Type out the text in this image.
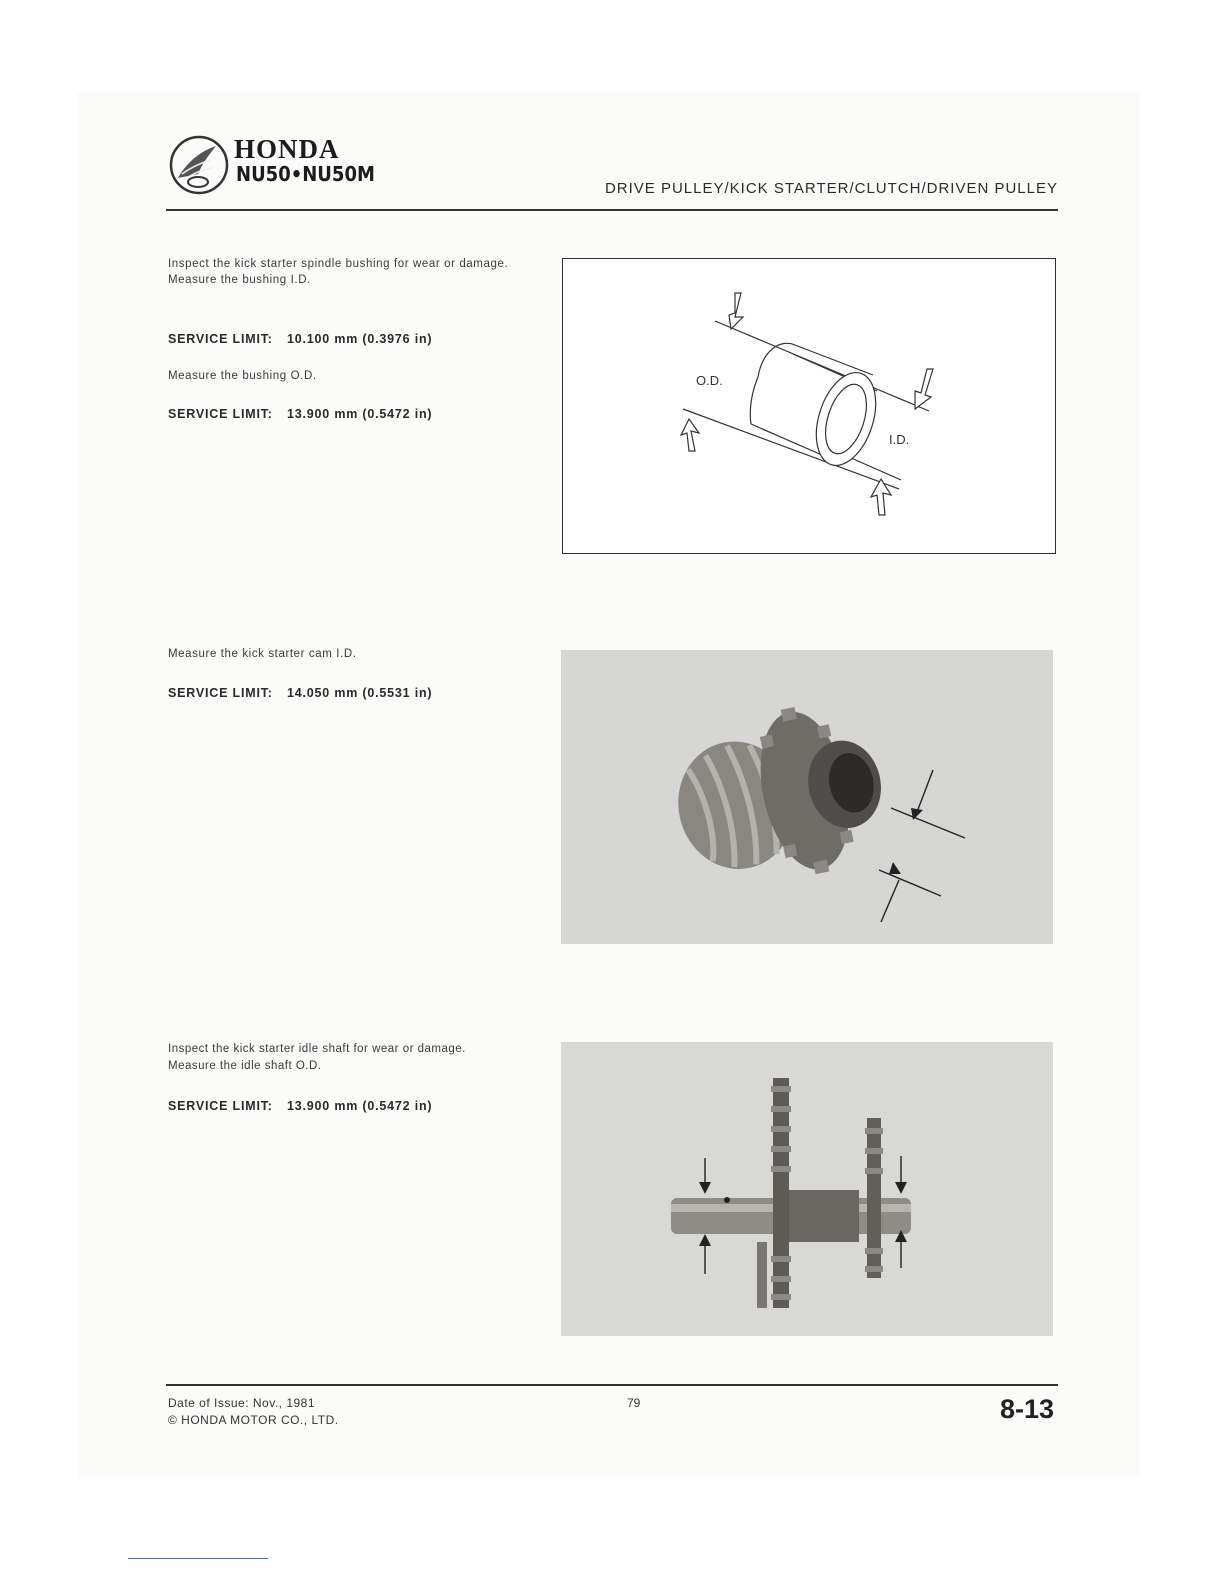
HONDA
NU50•NU50M
DRIVE PULLEY/KICK STARTER/CLUTCH/DRIVEN PULLEY

Inspect the kick starter spindle bushing for wear or damage.

Measure the bushing I.D.

SERVICE LIMIT: 10.100 mm (0.3976 in)
Measure the bushing O.D.
SERVICE LIMIT: 13.900 mm (0.5472 in)
O.D.
I.D.
Measure the kick starter cam I.D.
SERVICE LIMIT: 14.050 mm (0.5531 in)
Inspect the kick starter idle shaft for wear or damage.
Measure the idle shaft O.D.
SERVICE LIMIT: 13.900 mm (0.5472 in)
Date of Issue: Nov., 1981
© HONDA MOTOR CO., LTD.
79	8-13
